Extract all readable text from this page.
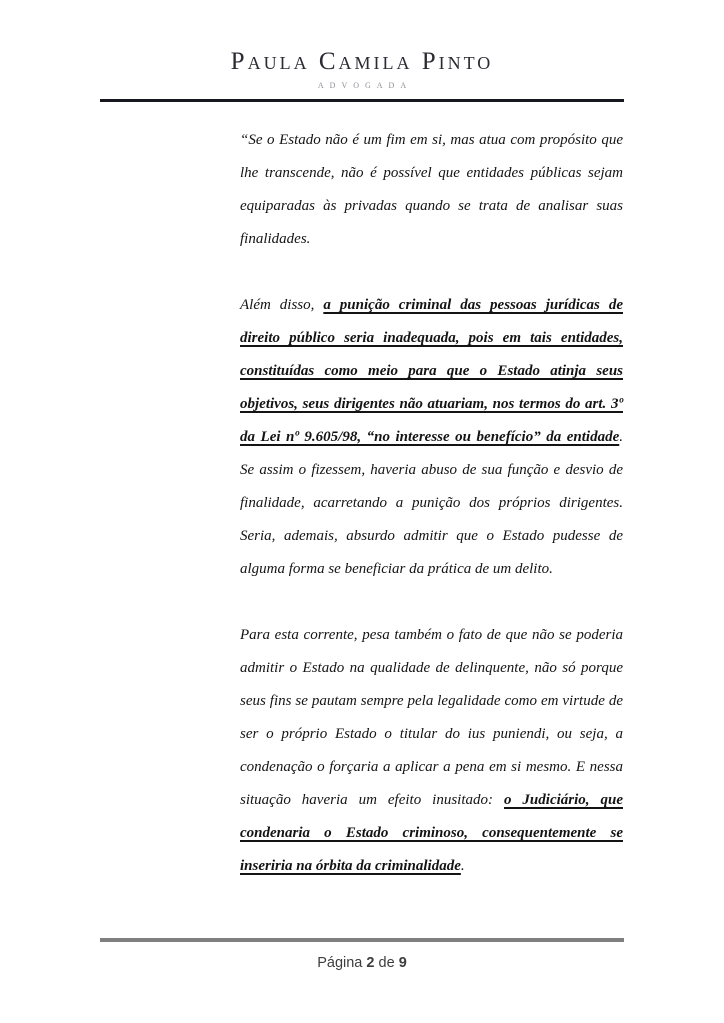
Paula Camila Pinto
ADVOGADA

“Se o Estado não é um fim em si, mas atua com propósito que lhe transcende, não é possível que entidades públicas sejam equiparadas às privadas quando se trata de analisar suas finalidades.

Além disso, a punição criminal das pessoas jurídicas de direito público seria inadequada, pois em tais entidades, constituídas como meio para que o Estado atinja seus objetivos, seus dirigentes não atuariam, nos termos do art. 3º da Lei nº 9.605/98, “no interesse ou benefício” da entidade. Se assim o fizessem, haveria abuso de sua função e desvio de finalidade, acarretando a punição dos próprios dirigentes. Seria, ademais, absurdo admitir que o Estado pudesse de alguma forma se beneficiar da prática de um delito.

Para esta corrente, pesa também o fato de que não se poderia admitir o Estado na qualidade de delinquente, não só porque seus fins se pautam sempre pela legalidade como em virtude de ser o próprio Estado o titular do ius puniendi, ou seja, a condenação o forçaria a aplicar a pena em si mesmo. E nessa situação haveria um efeito inusitado: o Judiciário, que condenaria o Estado criminoso, consequentemente se inseriria na órbita da criminalidade.

Página 2 de 9
